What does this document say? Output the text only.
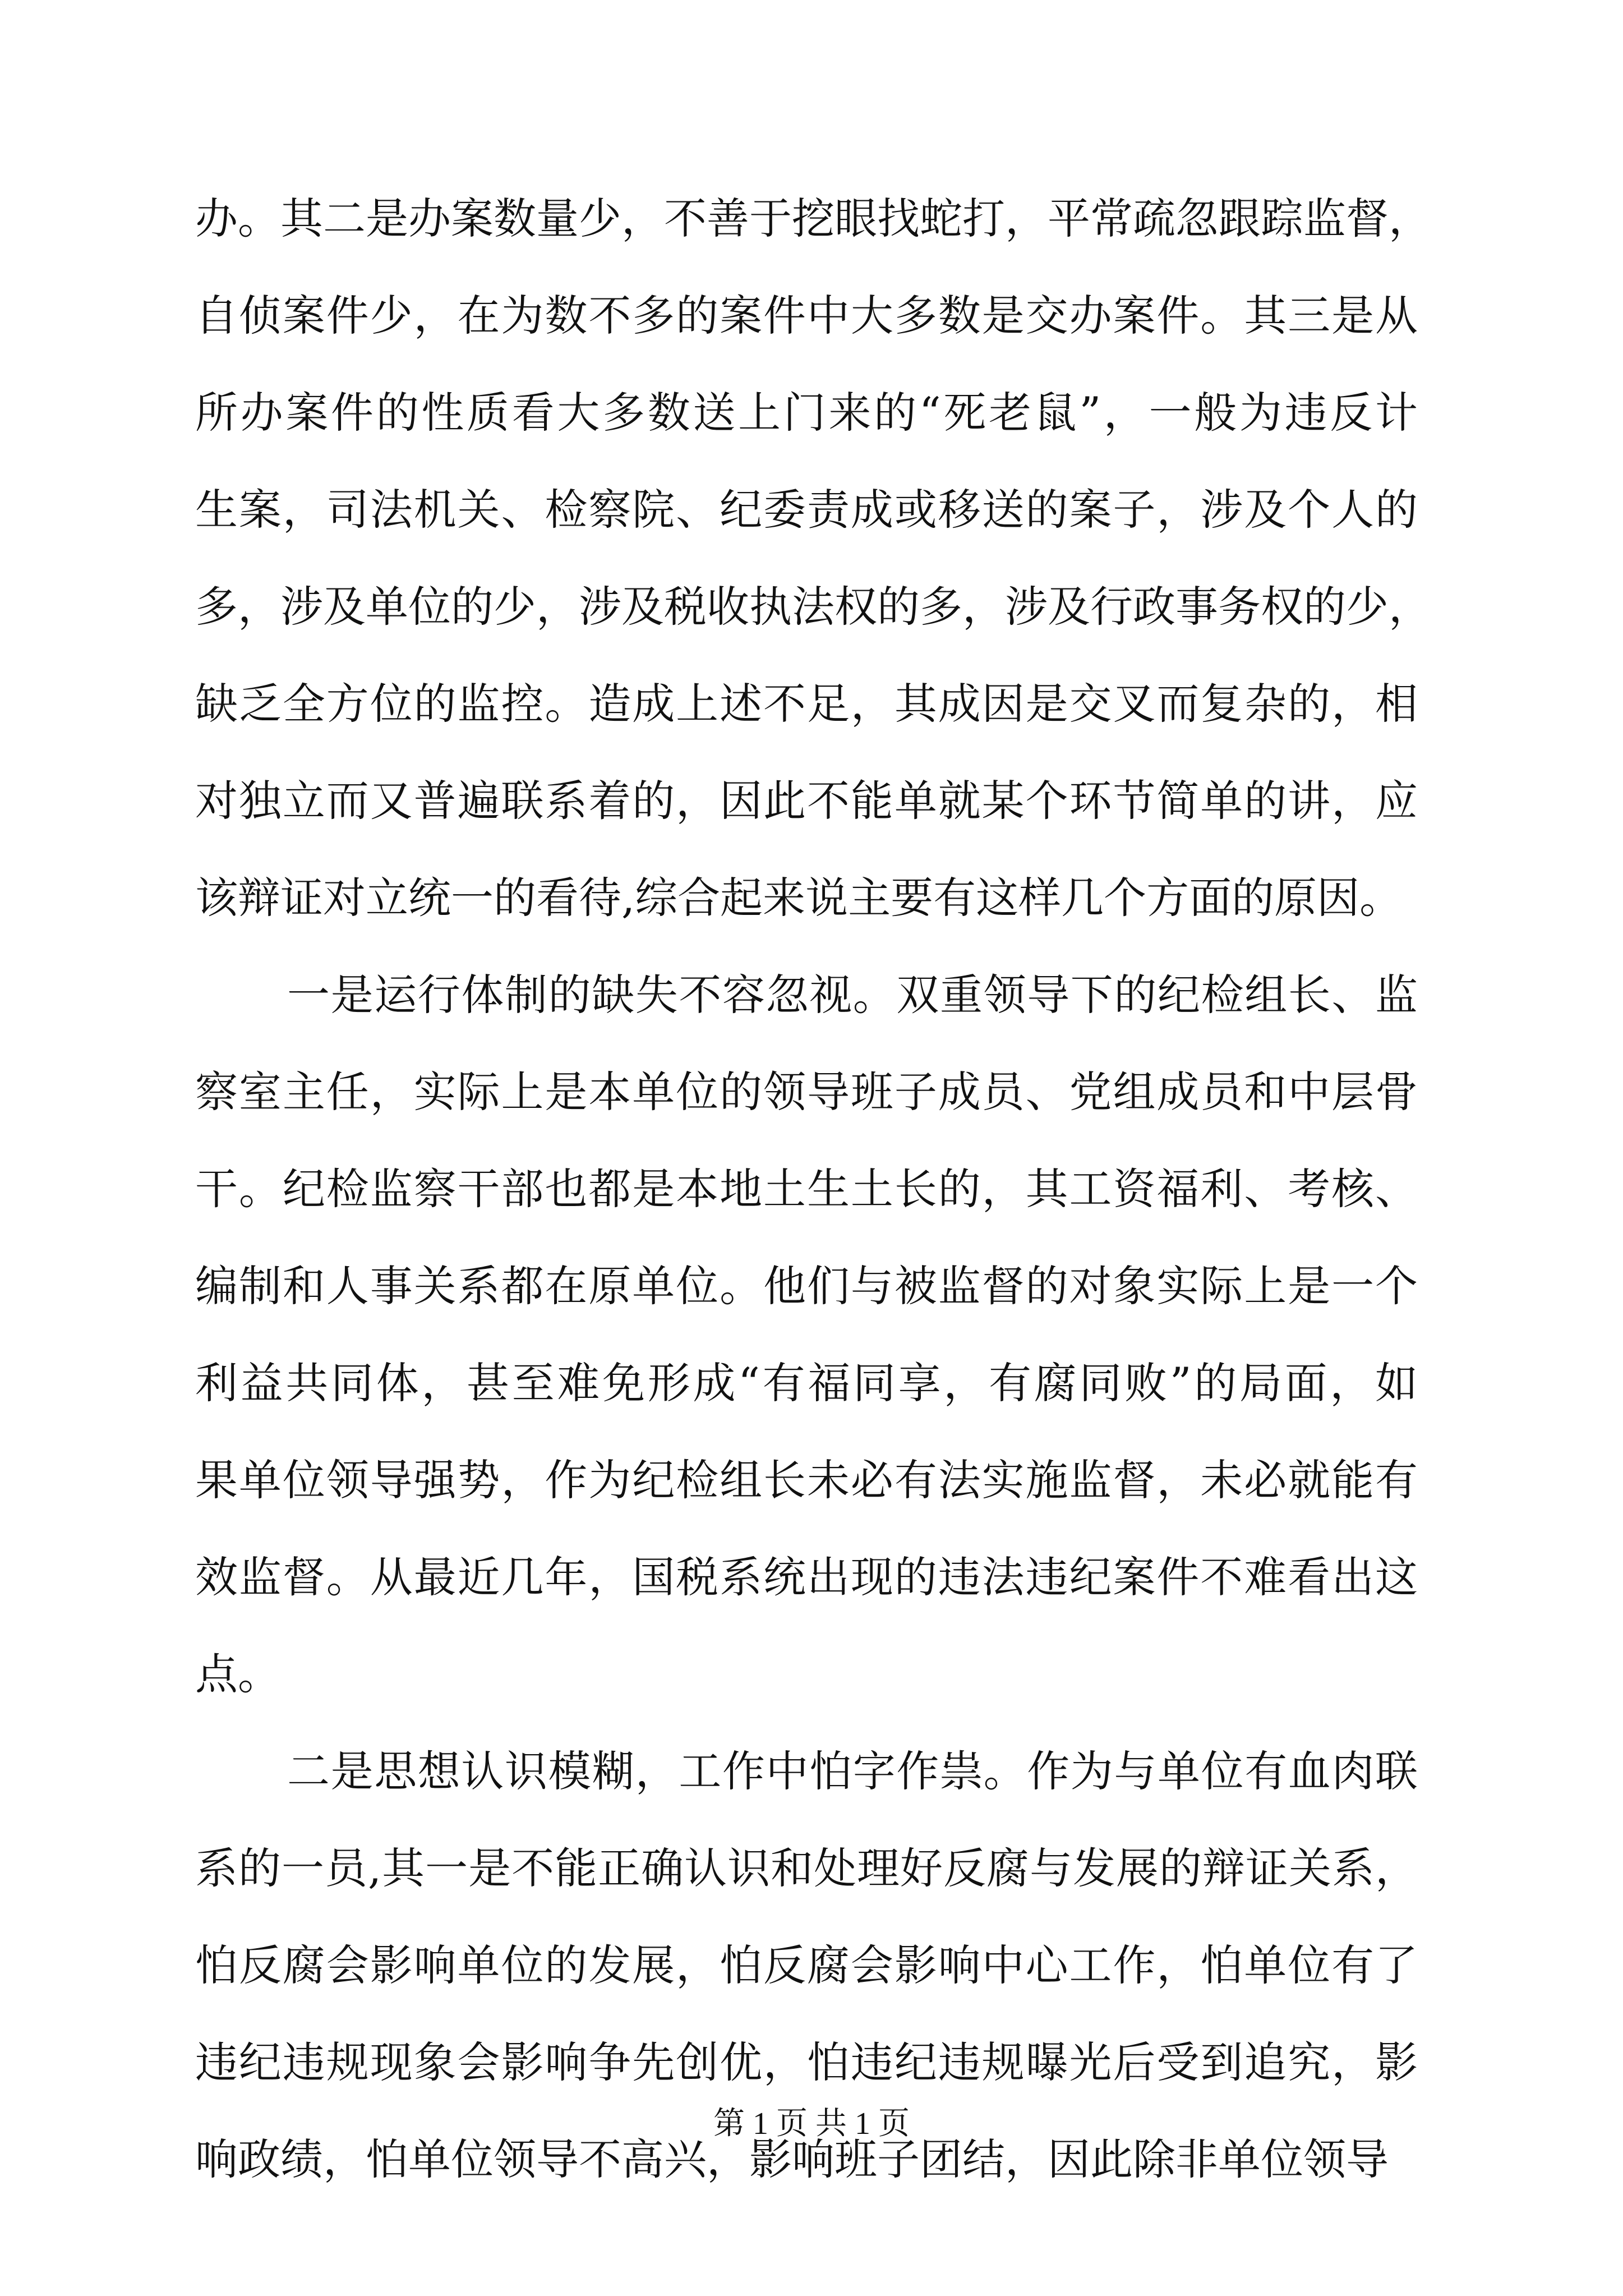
办。其二是办案数量少，不善于挖眼找蛇打，平常疏忽跟踪监督，
自侦案件少，在为数不多的案件中大多数是交办案件。其三是从
所办案件的性质看大多数送上门来的“死老鼠”，一般为违反计
生案，司法机关、检察院、纪委责成或移送的案子，涉及个人的
多，涉及单位的少，涉及税收执法权的多，涉及行政事务权的少，
缺乏全方位的监控。造成上述不足，其成因是交叉而复杂的，相
对独立而又普遍联系着的，因此不能单就某个环节简单的讲，应
该辩证对立统一的看待,综合起来说主要有这样几个方面的原因。
一是运行体制的缺失不容忽视。双重领导下的纪检组长、监
察室主任，实际上是本单位的领导班子成员、党组成员和中层骨
干。纪检监察干部也都是本地土生土长的，其工资福利、考核、
编制和人事关系都在原单位。他们与被监督的对象实际上是一个
利益共同体，甚至难免形成“有福同享，有腐同败”的局面，如
果单位领导强势，作为纪检组长未必有法实施监督，未必就能有
效监督。从最近几年，国税系统出现的违法违纪案件不难看出这
点。
二是思想认识模糊，工作中怕字作祟。作为与单位有血肉联
系的一员,其一是不能正确认识和处理好反腐与发展的辩证关系，
怕反腐会影响单位的发展，怕反腐会影响中心工作，怕单位有了
违纪违规现象会影响争先创优，怕违纪违规曝光后受到追究，影
响政绩，怕单位领导不高兴，影响班子团结，因此除非单位领导
第 1 页 共 1 页
